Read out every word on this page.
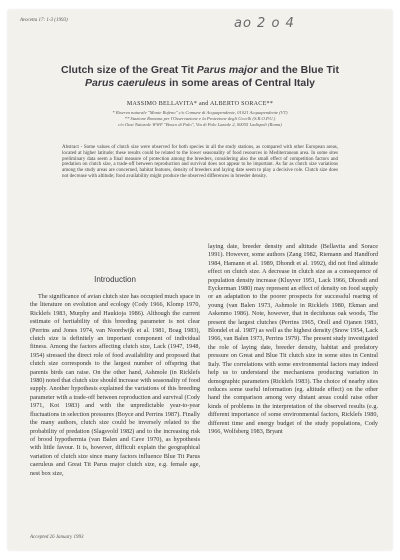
Avocetta 17: 1-3 (1993)	ao 2 o 4
Clutch size of the Great Tit Parus major and the Blue Tit
Parus caeruleus in some areas of Central Italy
MASSIMO BELLAVITA* and ALBERTO SORACE**
* Riserva naturale "Monte Rufeno" c/o Comune di Acquapendente, 01021 Acquapendente (VT)
** Stazione Romana per l'Osservazione e la Protezione degli Uccelli (S.R.O.P.U.)
c/o Oasi Naturale WWF "Bosco di Palo", Via di Palo Laziale 2, 00055 Ladispoli (Roma)
Abstract - Some values of clutch size were observed for both species in all the study stations, as compared with other European areas, located at higher latitude; these results could be related to the lower seasonality of food resources in Mediterranean area. In some sites preliminary data seem a final measure of protection among the breeders, considering also the small effect of competition factors and predation on clutch size, a trade-off between reproduction and survival does not appear to be important. As far as clutch size variations among the study areas are concerned, habitat features, density of breeders and laying date seem to play a decisive role. Clutch size does not decrease with altitude; food availability might produce the observed differences in breeder density.
Introduction

The significance of avian clutch size has occupied much space in the literature on evolution and ecology (Cody 1966, Klomp 1970, Ricklefs 1983, Murphy and Haukioja 1986). Although the current estimate of heritability of this breeding parameter is not clear (Perrins and Jones 1974, van Noordwijk et al. 1981, Boag 1983), clutch size is definitely an important component of individual fitness. Among the factors affecting clutch size, Lack (1947, 1948, 1954) stressed the direct role of food availability and proposed that clutch size corresponds to the largest number of offspring that parents birds can raise. On the other hand, Ashmole (in Ricklefs 1980) noted that clutch size should increase with seasonality of food supply. Another hypothesis explained the variations of this breeding parameter with a trade-off between reproduction and survival (Cody 1971, Kot 1983) and with the unpredictable year-to-year fluctuations in selection pressures (Boyce and Perrins 1987). Finally the many authors, clutch size could be inversely related to the probability of predation (Slagsvold 1982) and to the increasing risk of brood hypothermia (van Balen and Cave 1970), as hypothesis with little favour. It is, however, difficult explain the geographical variation of clutch size since many factors influence Blue Tit Parus caeruleus and Great Tit Parus major clutch size, e.g. female age, nest box size,

laying date, breeder density and altitude (Bellavita and Sorace 1991). However, some authors (Zang 1982, Riemann and Handford 1984, Hamann et al. 1989, Dhondt et al. 1992), did not find altitude effect on clutch size. A decrease in clutch size as a consequence of population density increase (Kluyver 1951, Lack 1966, Dhondt and Eyckerman 1980) may represent an effect of density on food supply or an adaptation to the poorer prospects for successful rearing of young (van Balen 1973, Ashmole in Ricklefs 1980, Ekman and Askenmo 1986). Note, however, that in deciduous oak woods, The present the largest clutches (Perrins 1965, Orell and Ojanen 1983, Blondel et al. 1987) as well as the highest density (Snow 1954, Lack 1966, van Balen 1973, Perrins 1979). The present study investigated the role of laying date, breeder density, habitat and predatory pressure on Great and Blue Tit clutch size in some sites in Central Italy. The correlations with some environmental factors may indeed help us to understand the mechanisms producing variation in demographic parameters (Ricklefs 1983). The choice of nearby sites reduces some useful information (eg. altitude effect) on the other hand the comparison among very distant areas could raise other kinds of problems in the interpretation of the observed results (e.g. different importance of some environmental factors, Ricklefs 1980, different time and energy budget of the study populations, Cody 1966, Wolfsberg 1983, Bryant

Accepted 26 January 1993
